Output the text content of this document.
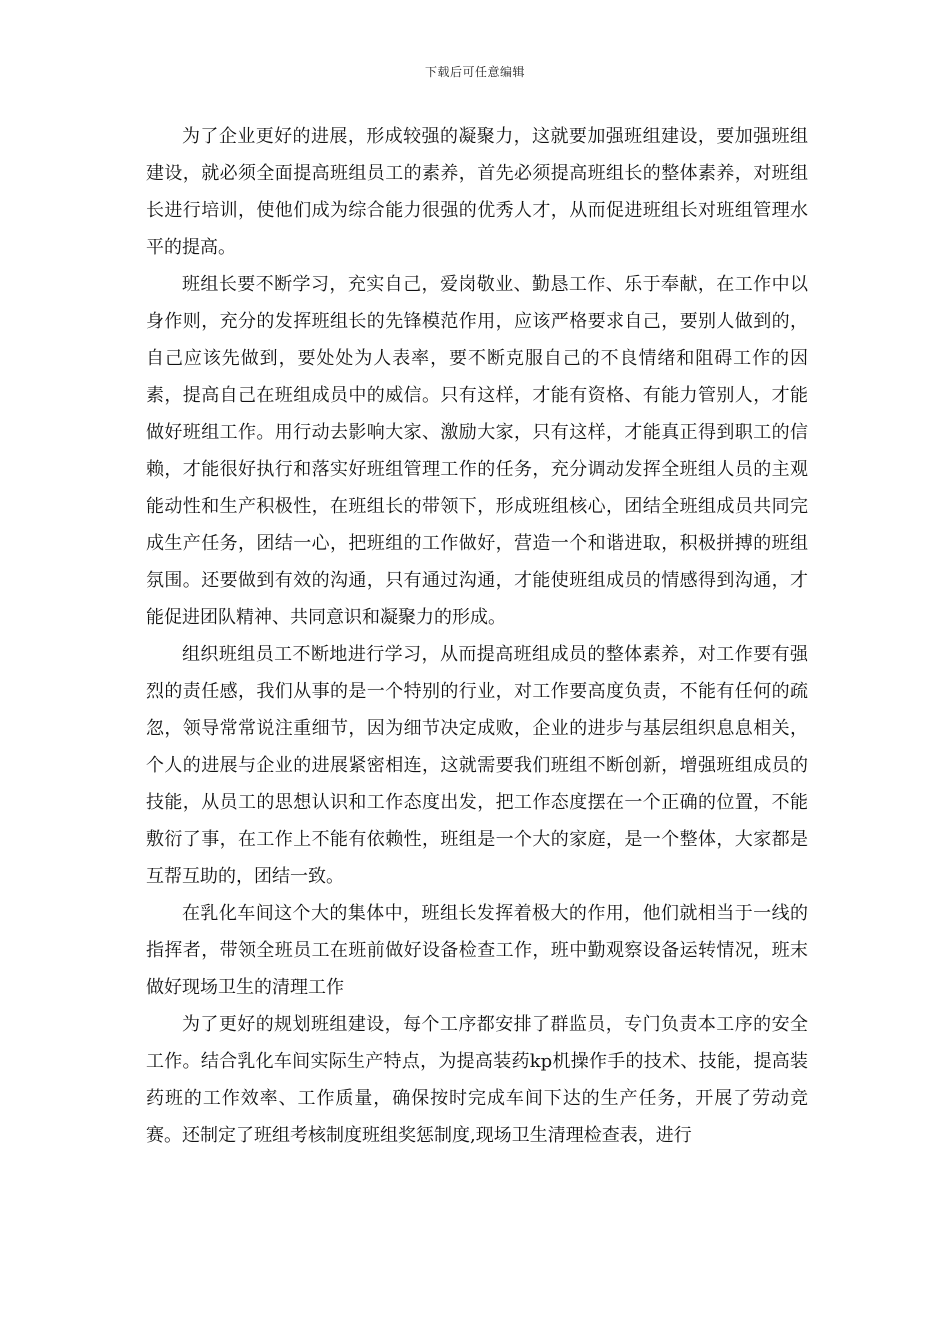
下载后可任意编辑

为了企业更好的进展，形成较强的凝聚力，这就要加强班组建设，要加强班组建设，就必须全面提高班组员工的素养，首先必须提高班组长的整体素养，对班组长进行培训，使他们成为综合能力很强的优秀人才，从而促进班组长对班组管理水平的提高。

班组长要不断学习，充实自己，爱岗敬业、勤恳工作、乐于奉献，在工作中以身作则，充分的发挥班组长的先锋模范作用，应该严格要求自己，要别人做到的，自己应该先做到，要处处为人表率，要不断克服自己的不良情绪和阻碍工作的因素，提高自己在班组成员中的威信。只有这样，才能有资格、有能力管别人，才能做好班组工作。用行动去影响大家、激励大家，只有这样，才能真正得到职工的信赖，才能很好执行和落实好班组管理工作的任务，充分调动发挥全班组人员的主观能动性和生产积极性，在班组长的带领下，形成班组核心，团结全班组成员共同完成生产任务，团结一心，把班组的工作做好，营造一个和谐进取，积极拼搏的班组氛围。还要做到有效的沟通，只有通过沟通，才能使班组成员的情感得到沟通，才能促进团队精神、共同意识和凝聚力的形成。

组织班组员工不断地进行学习，从而提高班组成员的整体素养，对工作要有强烈的责任感，我们从事的是一个特别的行业，对工作要高度负责，不能有任何的疏忽，领导常常说注重细节，因为细节决定成败，企业的进步与基层组织息息相关，个人的进展与企业的进展紧密相连，这就需要我们班组不断创新，增强班组成员的技能，从员工的思想认识和工作态度出发，把工作态度摆在一个正确的位置，不能敷衍了事，在工作上不能有依赖性，班组是一个大的家庭，是一个整体，大家都是互帮互助的，团结一致。

在乳化车间这个大的集体中，班组长发挥着极大的作用，他们就相当于一线的指挥者，带领全班员工在班前做好设备检查工作，班中勤观察设备运转情况，班末做好现场卫生的清理工作

为了更好的规划班组建设，每个工序都安排了群监员，专门负责本工序的安全工作。结合乳化车间实际生产特点，为提高装药kp机操作手的技术、技能，提高装药班的工作效率、工作质量，确保按时完成车间下达的生产任务，开展了劳动竞赛。还制定了班组考核制度班组奖惩制度,现场卫生清理检查表，进行
